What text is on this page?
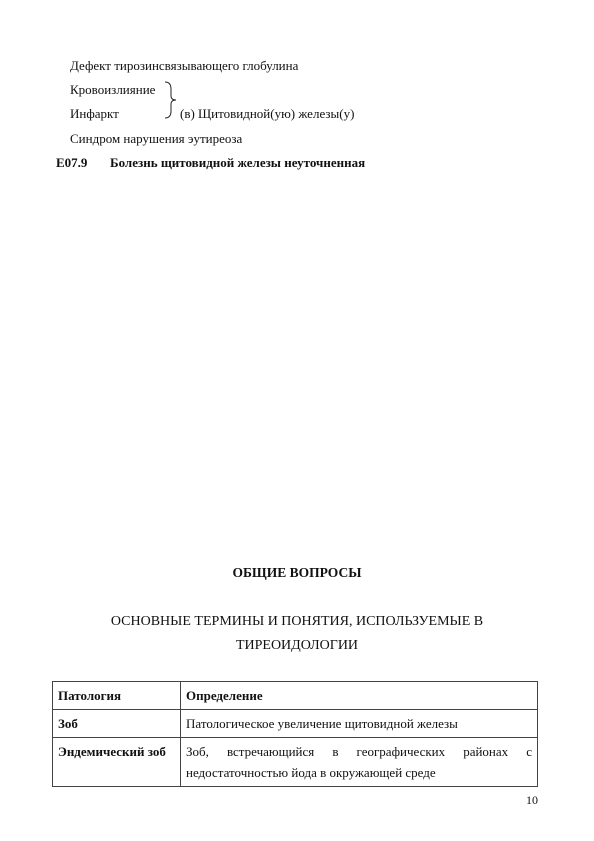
Дефект тирозинсвязывающего глобулина
Кровоизлияние
Инфаркт	(в) Щитовидной(ую) железы(у)
Синдром нарушения эутиреоза
E07.9 Болезнь щитовидной железы неуточненная
ОБЩИЕ ВОПРОСЫ
ОСНОВНЫЕ ТЕРМИНЫ И ПОНЯТИЯ, ИСПОЛЬЗУЕМЫЕ В
ТИРЕОИДОЛОГИИ
Патология	Определение
Зоб	Патологическое увеличение щитовидной железы
Эндемический зоб	Зоб, встречающийся в географических районах с недостаточностью йода в окружающей среде
10
